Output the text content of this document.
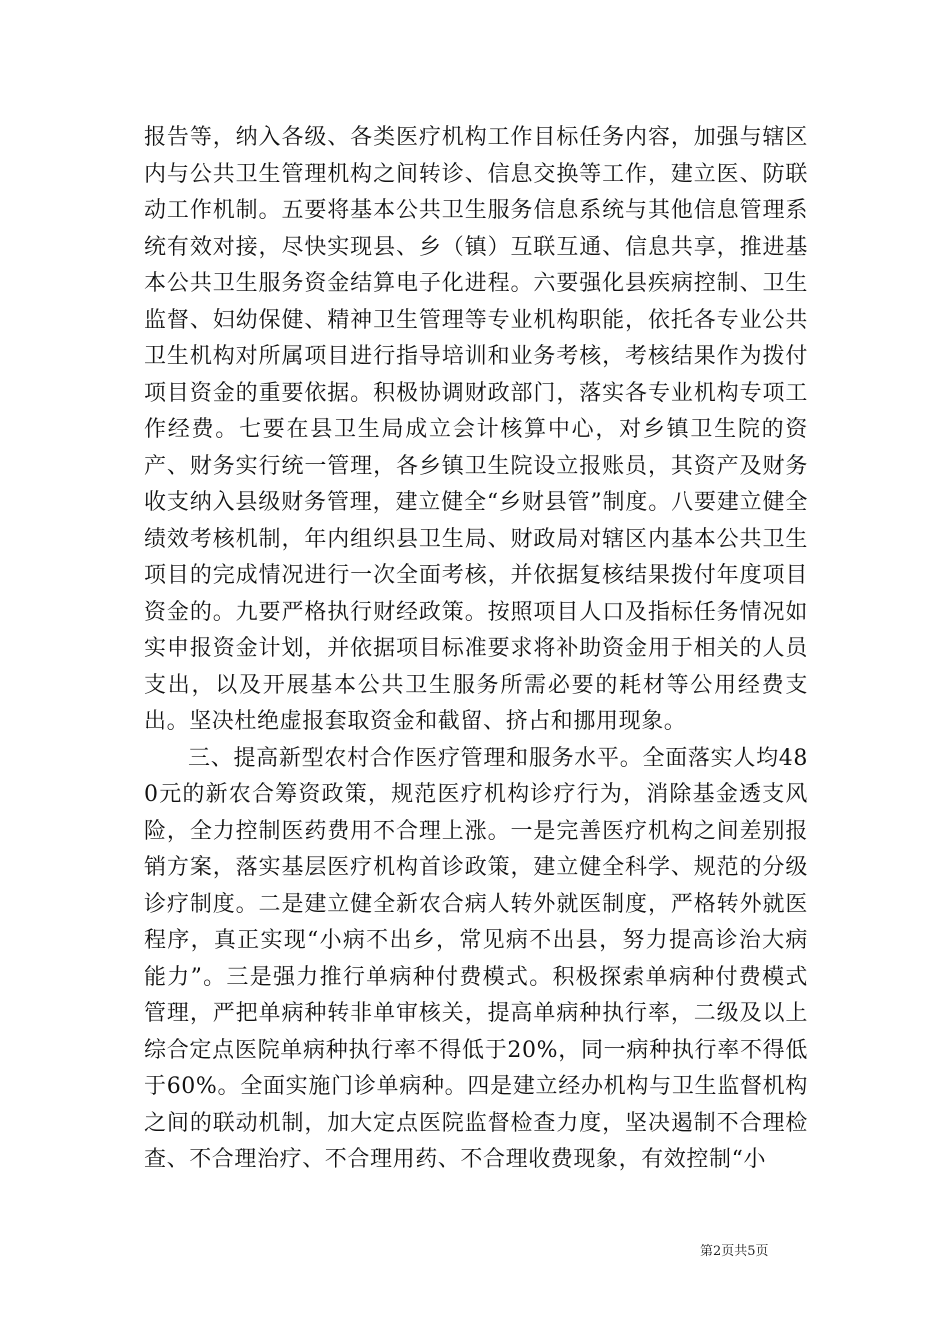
报告等，纳入各级、各类医疗机构工作目标任务内容，加强与辖区内与公共卫生管理机构之间转诊、信息交换等工作，建立医、防联动工作机制。五要将基本公共卫生服务信息系统与其他信息管理系统有效对接，尽快实现县、乡（镇）互联互通、信息共享，推进基本公共卫生服务资金结算电子化进程。六要强化县疾病控制、卫生监督、妇幼保健、精神卫生管理等专业机构职能，依托各专业公共卫生机构对所属项目进行指导培训和业务考核，考核结果作为拨付项目资金的重要依据。积极协调财政部门，落实各专业机构专项工作经费。七要在县卫生局成立会计核算中心，对乡镇卫生院的资产、财务实行统一管理，各乡镇卫生院设立报账员，其资产及财务收支纳入县级财务管理，建立健全“乡财县管”制度。八要建立健全绩效考核机制，年内组织县卫生局、财政局对辖区内基本公共卫生项目的完成情况进行一次全面考核，并依据复核结果拨付年度项目资金的。九要严格执行财经政策。按照项目人口及指标任务情况如实申报资金计划，并依据项目标准要求将补助资金用于相关的人员支出，以及开展基本公共卫生服务所需必要的耗材等公用经费支出。坚决杜绝虚报套取资金和截留、挤占和挪用现象。

三、提高新型农村合作医疗管理和服务水平。全面落实人均480元的新农合筹资政策，规范医疗机构诊疗行为，消除基金透支风险，全力控制医药费用不合理上涨。一是完善医疗机构之间差别报销方案，落实基层医疗机构首诊政策，建立健全科学、规范的分级诊疗制度。二是建立健全新农合病人转外就医制度，严格转外就医程序，真正实现“小病不出乡，常见病不出县，努力提高诊治大病能力”。三是强力推行单病种付费模式。积极探索单病种付费模式管理，严把单病种转非单审核关，提高单病种执行率，二级及以上综合定点医院单病种执行率不得低于20%，同一病种执行率不得低于60%。全面实施门诊单病种。四是建立经办机构与卫生监督机构之间的联动机制，加大定点医院监督检查力度，坚决遏制不合理检查、不合理治疗、不合理用药、不合理收费现象，有效控制“小

第2页共5页
